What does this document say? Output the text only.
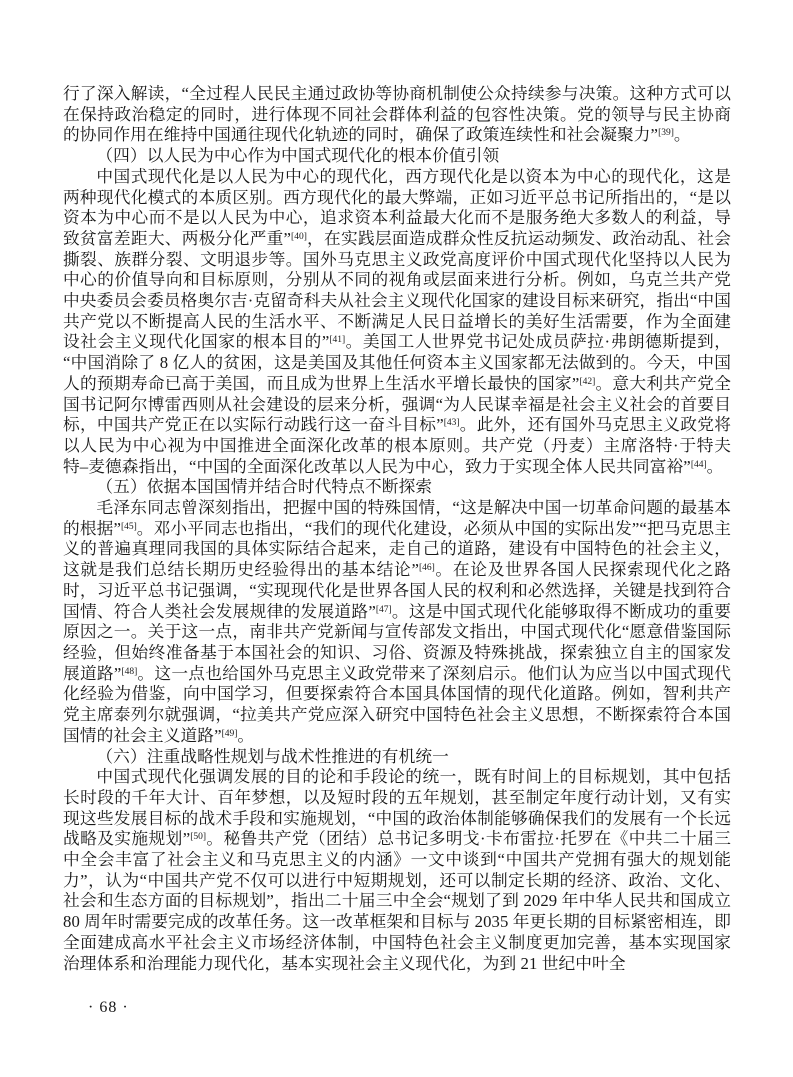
行了深入解读，“全过程人民民主通过政协等协商机制使公众持续参与决策。这种方式可以在保持政治稳定的同时，进行体现不同社会群体利益的包容性决策。党的领导与民主协商的协同作用在维持中国通往现代化轨迹的同时，确保了政策连续性和社会凝聚力”[39]。

（四）以人民为中心作为中国式现代化的根本价值引领

中国式现代化是以人民为中心的现代化，西方现代化是以资本为中心的现代化，这是两种现代化模式的本质区别。西方现代化的最大弊端，正如习近平总书记所指出的，“是以资本为中心而不是以人民为中心，追求资本利益最大化而不是服务绝大多数人的利益，导致贫富差距大、两极分化严重”[40]，在实践层面造成群众性反抗运动频发、政治动乱、社会撕裂、族群分裂、文明退步等。国外马克思主义政党高度评价中国式现代化坚持以人民为中心的价值导向和目标原则，分别从不同的视角或层面来进行分析。例如，乌克兰共产党中央委员会委员格奥尔吉·克留奇科夫从社会主义现代化国家的建设目标来研究，指出“中国共产党以不断提高人民的生活水平、不断满足人民日益增长的美好生活需要，作为全面建设社会主义现代化国家的根本目的”[41]。美国工人世界党书记处成员萨拉·弗朗德斯提到，“中国消除了 8 亿人的贫困，这是美国及其他任何资本主义国家都无法做到的。今天，中国人的预期寿命已高于美国，而且成为世界上生活水平增长最快的国家”[42]。意大利共产党全国书记阿尔博雷西则从社会建设的层来分析，强调“为人民谋幸福是社会主义社会的首要目标，中国共产党正在以实际行动践行这一奋斗目标”[43]。此外，还有国外马克思主义政党将以人民为中心视为中国推进全面深化改革的根本原则。共产党（丹麦）主席洛特·于特夫特–麦德森指出，“中国的全面深化改革以人民为中心，致力于实现全体人民共同富裕”[44]。

（五）依据本国国情并结合时代特点不断探索

毛泽东同志曾深刻指出，把握中国的特殊国情，“这是解决中国一切革命问题的最基本的根据”[45]。邓小平同志也指出，“我们的现代化建设，必须从中国的实际出发”“把马克思主义的普遍真理同我国的具体实际结合起来，走自己的道路，建设有中国特色的社会主义，这就是我们总结长期历史经验得出的基本结论”[46]。在论及世界各国人民探索现代化之路时，习近平总书记强调，“实现现代化是世界各国人民的权利和必然选择，关键是找到符合国情、符合人类社会发展规律的发展道路”[47]。这是中国式现代化能够取得不断成功的重要原因之一。关于这一点，南非共产党新闻与宣传部发文指出，中国式现代化“愿意借鉴国际经验，但始终准备基于本国社会的知识、习俗、资源及特殊挑战，探索独立自主的国家发展道路”[48]。这一点也给国外马克思主义政党带来了深刻启示。他们认为应当以中国式现代化经验为借鉴，向中国学习，但要探索符合本国具体国情的现代化道路。例如，智利共产党主席泰列尔就强调，“拉美共产党应深入研究中国特色社会主义思想，不断探索符合本国国情的社会主义道路”[49]。

（六）注重战略性规划与战术性推进的有机统一

中国式现代化强调发展的目的论和手段论的统一，既有时间上的目标规划，其中包括长时段的千年大计、百年梦想，以及短时段的五年规划，甚至制定年度行动计划，又有实现这些发展目标的战术手段和实施规划，“中国的政治体制能够确保我们的发展有一个长远战略及实施规划”[50]。秘鲁共产党（团结）总书记多明戈·卡布雷拉·托罗在《中共二十届三中全会丰富了社会主义和马克思主义的内涵》一文中谈到“中国共产党拥有强大的规划能力”，认为“中国共产党不仅可以进行中短期规划，还可以制定长期的经济、政治、文化、社会和生态方面的目标规划”，指出二十届三中全会“规划了到 2029 年中华人民共和国成立 80 周年时需要完成的改革任务。这一改革框架和目标与 2035 年更长期的目标紧密相连，即全面建成高水平社会主义市场经济体制，中国特色社会主义制度更加完善，基本实现国家治理体系和治理能力现代化，基本实现社会主义现代化，为到 21 世纪中叶全

· 68 ·
